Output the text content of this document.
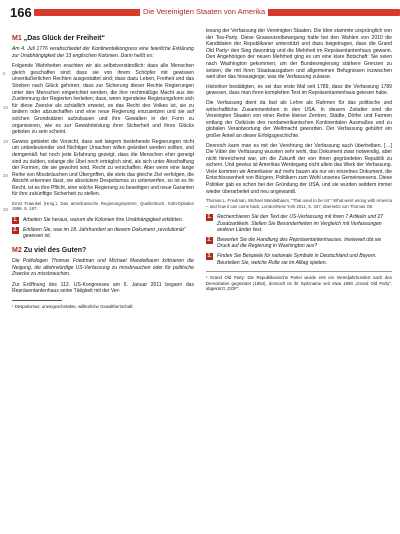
166	Die Vereinigten Staaten von Amerika
M1 „Das Glück der Freiheit“

Am 4. Juli 1776 verabschiedet der Kontinentalkongress eine feierliche Erklärung zur Unabhängigkeit der 13 englischen Kolonien. Darin heißt es:

5
10
15
20
25

Folgende Wahrheiten erachten wir als selbstverständlich: dass alle Menschen gleich geschaffen sind; dass sie von ihrem Schöpfer mit gewissen unveräußerlichen Rechten ausgestattet sind; dass dazu Leben, Freiheit und das Streben nach Glück gehören; dass zur Sicherung dieser Rechte Regierungen unter den Menschen eingerichtet werden, die ihre rechtmäßige Macht aus der Zustimmung der Regierten herleiten; dass, wenn irgendeine Regierungsform sich für diese Zwecke als schädlich erweist, es das Recht des Volkes ist, sie zu ändern oder abzuschaffen und eine neue Regierung einzusetzen und sie auf solchen Grundsätzen aufzubauen und ihre Gewalten in der Form zu organisieren, wie es zur Gewährleistung ihrer Sicherheit und ihres Glücks geboten zu sein scheint.

Gewiss gebietet die Vorsicht, dass seit langem bestehende Regierungen nicht um unbedeutender und flüchtiger Ursachen willen geändert werden sollten, und demgemäß hat noch jede Erfahrung gezeigt, dass die Menschen eher geneigt sind zu dulden, solange die Übel noch erträglich sind, als sich unter Abschaffung der Formen, die sie gewohnt sind, Recht zu verschaffen. Aber wenn eine lange Reihe von Missbräuchen und Übergriffen, die stets das gleiche Ziel verfolgen, die Absicht erkennen lässt, sie absolutem Despotismus zu unterwerfen, so ist es ihr Recht, ist es ihre Pflicht, eine solche Regierung zu beseitigen und neue Garanten für ihre zukünftige Sicherheit zu stellen.

Ernst Fraenkel (Hrsg.), Das amerikanische Regierungssystem, Quellenbuch, Köln/Opladen 1959, S. 187.

1. Arbeiten Sie heraus, warum die Kolonien ihre Unabhängigkeit erklärten.
2. Erklären Sie, was im 18. Jahrhundert an diesem Dokument „revolutionär“ gewesen ist.
M2 Zu viel des Guten?

Die Politologen Thomas Friedman und Michael Mandelbaum kritisieren die Neigung, die altehrwürdige US-Verfassung zu missbrauchen oder für politische Zwecke zu missbrauchen.

Zur Eröffnung des 112. US-Kongresses am 5. Januar 2011 begann das Repräsentantenhaus seine Tätigkeit mit der Ver-

¹ Despotismus: uneingeschränkte, willkürliche Gewaltherrschaft

lesung der Verfassung der Vereinigten Staaten. Die Idee stammte ursprünglich von der Tea-Party. Diese Graswurzelbewegung hatte bei den Wahlen von 2010 die Kandidaten der Republikaner unterstützt und dazu beigetragen, dass die Grand Old Party¹ den Sieg davontrug und die Mehrheit im Repräsentantenhaus gewann. Den Angehörigen der neuen Mehrheit ging es um eine klare Botschaft: Sie seien nach Washington gekommen, um der Bundesregierung stärkere Grenzen zu setzen, die mit ihren Staatsausgaben und allgemeinen Befugnissen inzwischen weit über das hinausginge, was die Verfassung zulasse.

Historiker bestätigten, es sei das erste Mal seit 1789, dass die Verfassung 1789 gewesen, dass man ihren kompletten Text im Repräsentantenhaus gelesen habe.

Die Verfassung dient da fast als Lehre als Rahmen für das politische und wirtschaftliche Zusammenleben in den USA. In diesem Zeitalter sind die Vereinigten Staaten von einer Reihe kleiner Zentren, Städte, Dörfer und Farmen entlang der Ostküste des nordamerikanischen Kontinentalen Ausmaßes und zu globalen Verantwortung der Weltmacht geworden. Der Verfassung gebührt ein großer Anteil an dieser Erfolgsgeschichte.

Dennoch kann man es mit der Verehrung der Verfassung auch übertreiben. […] Die Väter der Verfassung wussten sehr wohl, das Dokument zwar notwendig, aber nicht hinreichend war, um die Zukunft der von ihnen gegründeten Republik zu sichern. Und gewiss ist Amerikas Werdegang nicht allein das Werk der Verfassung. Viele kommen wir Amerikaner auf mehr bauen als nur ein einzelnes Dokument, die Entschlossenheit von Bürgern, Politikern zum Wohl unseres Gemeinwesens. Diese Politiker gab es schon bei der Gründung der USA, und sie wurden seitdem immer wieder überarbeitet und neu angewandt.

Thomas L. Friedman, Michael Mandelbaum, "That used to be Us": What went wrong with America – and how it can come back, London/New York 2011, S. 337, übersetzt von Thomas Ott

1. Recherchieren Sie den Text der US-Verfassung mit ihren 7 Artikeln und 27 Zusatzartikeln. Stellen Sie Besonderheiten im Vergleich mit Verfassungen anderer Länder fest.
2. Bewerten Sie die Handlung des Repräsentantenhauses. Inwieweit übt sie Druck auf die Regierung in Washington aus?
3. Finden Sie Beispiele für nationale Symbole in Deutschland und Bayern. Beurteilen Sie, welche Rolle sie im Alltag spielen.

¹ Grand Old Party: Die Republikanische Partei wurde erst ein Vierteljahrhundert nach den Demokraten gegründet (1854), dennoch ist ihr Spitzname seit etwa 1890 „Grand Old Party“, abgekürzt „GOP“.
